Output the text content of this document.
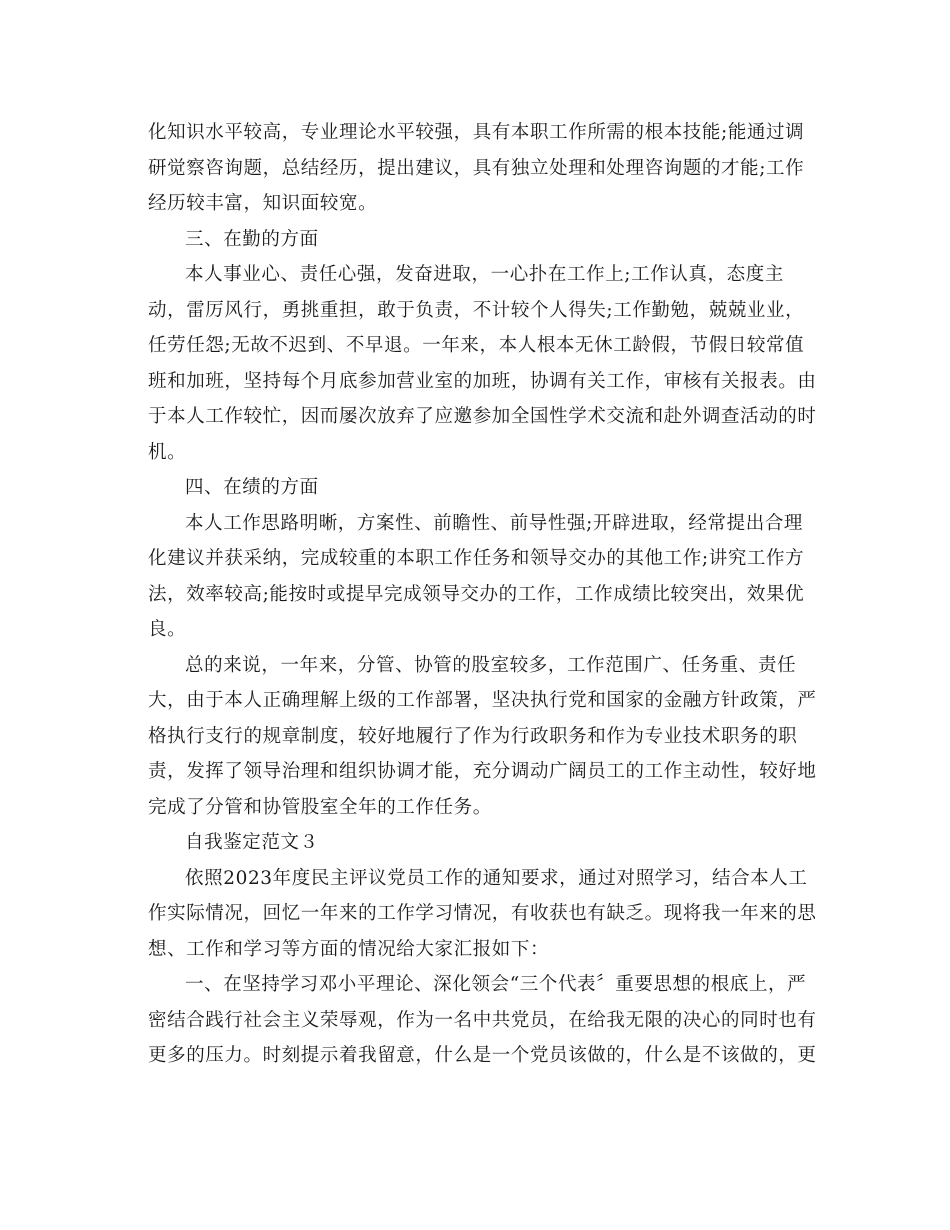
化知识水平较高，专业理论水平较强，具有本职工作所需的根本技能;能通过调
研觉察咨询题，总结经历，提出建议，具有独立处理和处理咨询题的才能;工作
经历较丰富，知识面较宽。
三、在勤的方面
本人事业心、责任心强，发奋进取，一心扑在工作上;工作认真，态度主
动，雷厉风行，勇挑重担，敢于负责，不计较个人得失;工作勤勉，兢兢业业，
任劳任怨;无故不迟到、不早退。一年来，本人根本无休工龄假，节假日较常值
班和加班，坚持每个月底参加营业室的加班，协调有关工作，审核有关报表。由
于本人工作较忙，因而屡次放弃了应邀参加全国性学术交流和赴外调查活动的时
机。
四、在绩的方面
本人工作思路明晰，方案性、前瞻性、前导性强;开辟进取，经常提出合理
化建议并获采纳，完成较重的本职工作任务和领导交办的其他工作;讲究工作方
法，效率较高;能按时或提早完成领导交办的工作，工作成绩比较突出，效果优
良。
总的来说，一年来，分管、协管的股室较多，工作范围广、任务重、责任
大，由于本人正确理解上级的工作部署，坚决执行党和国家的金融方针政策，严
格执行支行的规章制度，较好地履行了作为行政职务和作为专业技术职务的职
责，发挥了领导治理和组织协调才能，充分调动广阔员工的工作主动性，较好地
完成了分管和协管股室全年的工作任务。
自我鉴定范文３
依照2023年度民主评议党员工作的通知要求，通过对照学习，结合本人工
作实际情况，回忆一年来的工作学习情况，有收获也有缺乏。现将我一年来的思
想、工作和学习等方面的情况给大家汇报如下：
一、在坚持学习邓小平理论、深化领会“三个代表〞重要思想的根底上，严
密结合践行社会主义荣辱观，作为一名中共党员，在给我无限的决心的同时也有
更多的压力。时刻提示着我留意，什么是一个党员该做的，什么是不该做的，更
